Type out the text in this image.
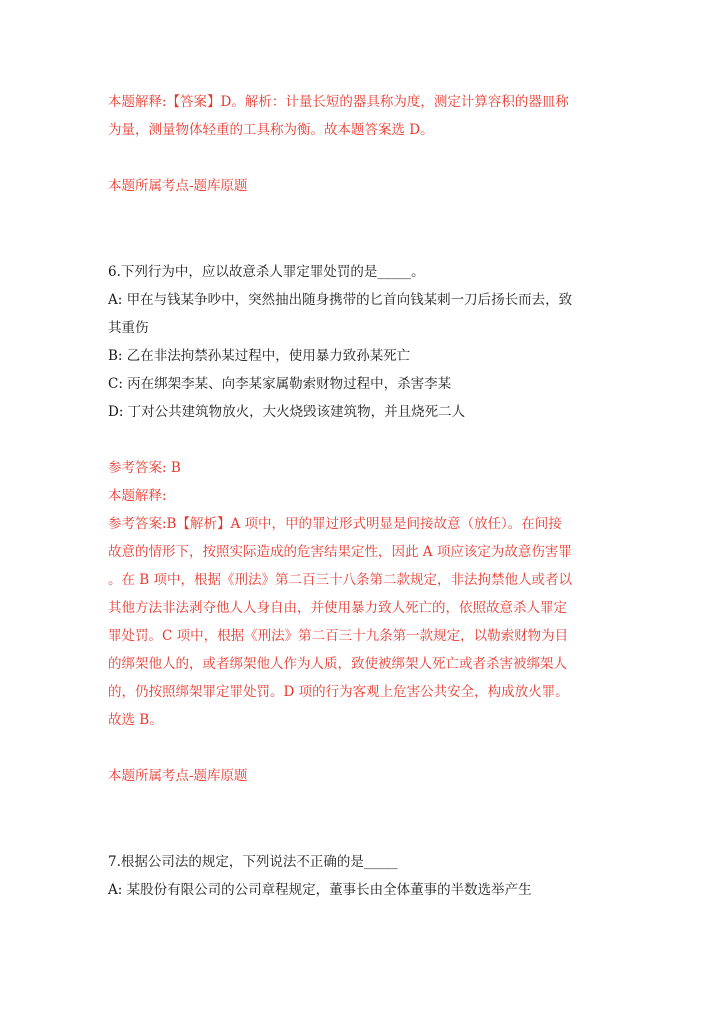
本题解释:【答案】D。解析：计量长短的器具称为度，测定计算容积的器皿称
为量，测量物体轻重的工具称为衡。故本题答案选 D。
本题所属考点-题库原题
6.下列行为中，应以故意杀人罪定罪处罚的是_____。
A: 甲在与钱某争吵中，突然抽出随身携带的匕首向钱某刺一刀后扬长而去，致
其重伤
B: 乙在非法拘禁孙某过程中，使用暴力致孙某死亡
C: 丙在绑架李某、向李某家属勒索财物过程中，杀害李某
D: 丁对公共建筑物放火，大火烧毁该建筑物，并且烧死二人
参考答案: B
本题解释:
参考答案:B【解析】A 项中，甲的罪过形式明显是间接故意（放任）。在间接
故意的情形下，按照实际造成的危害结果定性，因此 A 项应该定为故意伤害罪
。在 B 项中，根据《刑法》第二百三十八条第二款规定，非法拘禁他人或者以
其他方法非法剥夺他人人身自由，并使用暴力致人死亡的，依照故意杀人罪定
罪处罚。C 项中，根据《刑法》第二百三十九条第一款规定，以勒索财物为目
的绑架他人的，或者绑架他人作为人质，致使被绑架人死亡或者杀害被绑架人
的，仍按照绑架罪定罪处罚。D 项的行为客观上危害公共安全，构成放火罪。
故选 B。
本题所属考点-题库原题
7.根据公司法的规定，下列说法不正确的是_____
A: 某股份有限公司的公司章程规定，董事长由全体董事的半数选举产生
